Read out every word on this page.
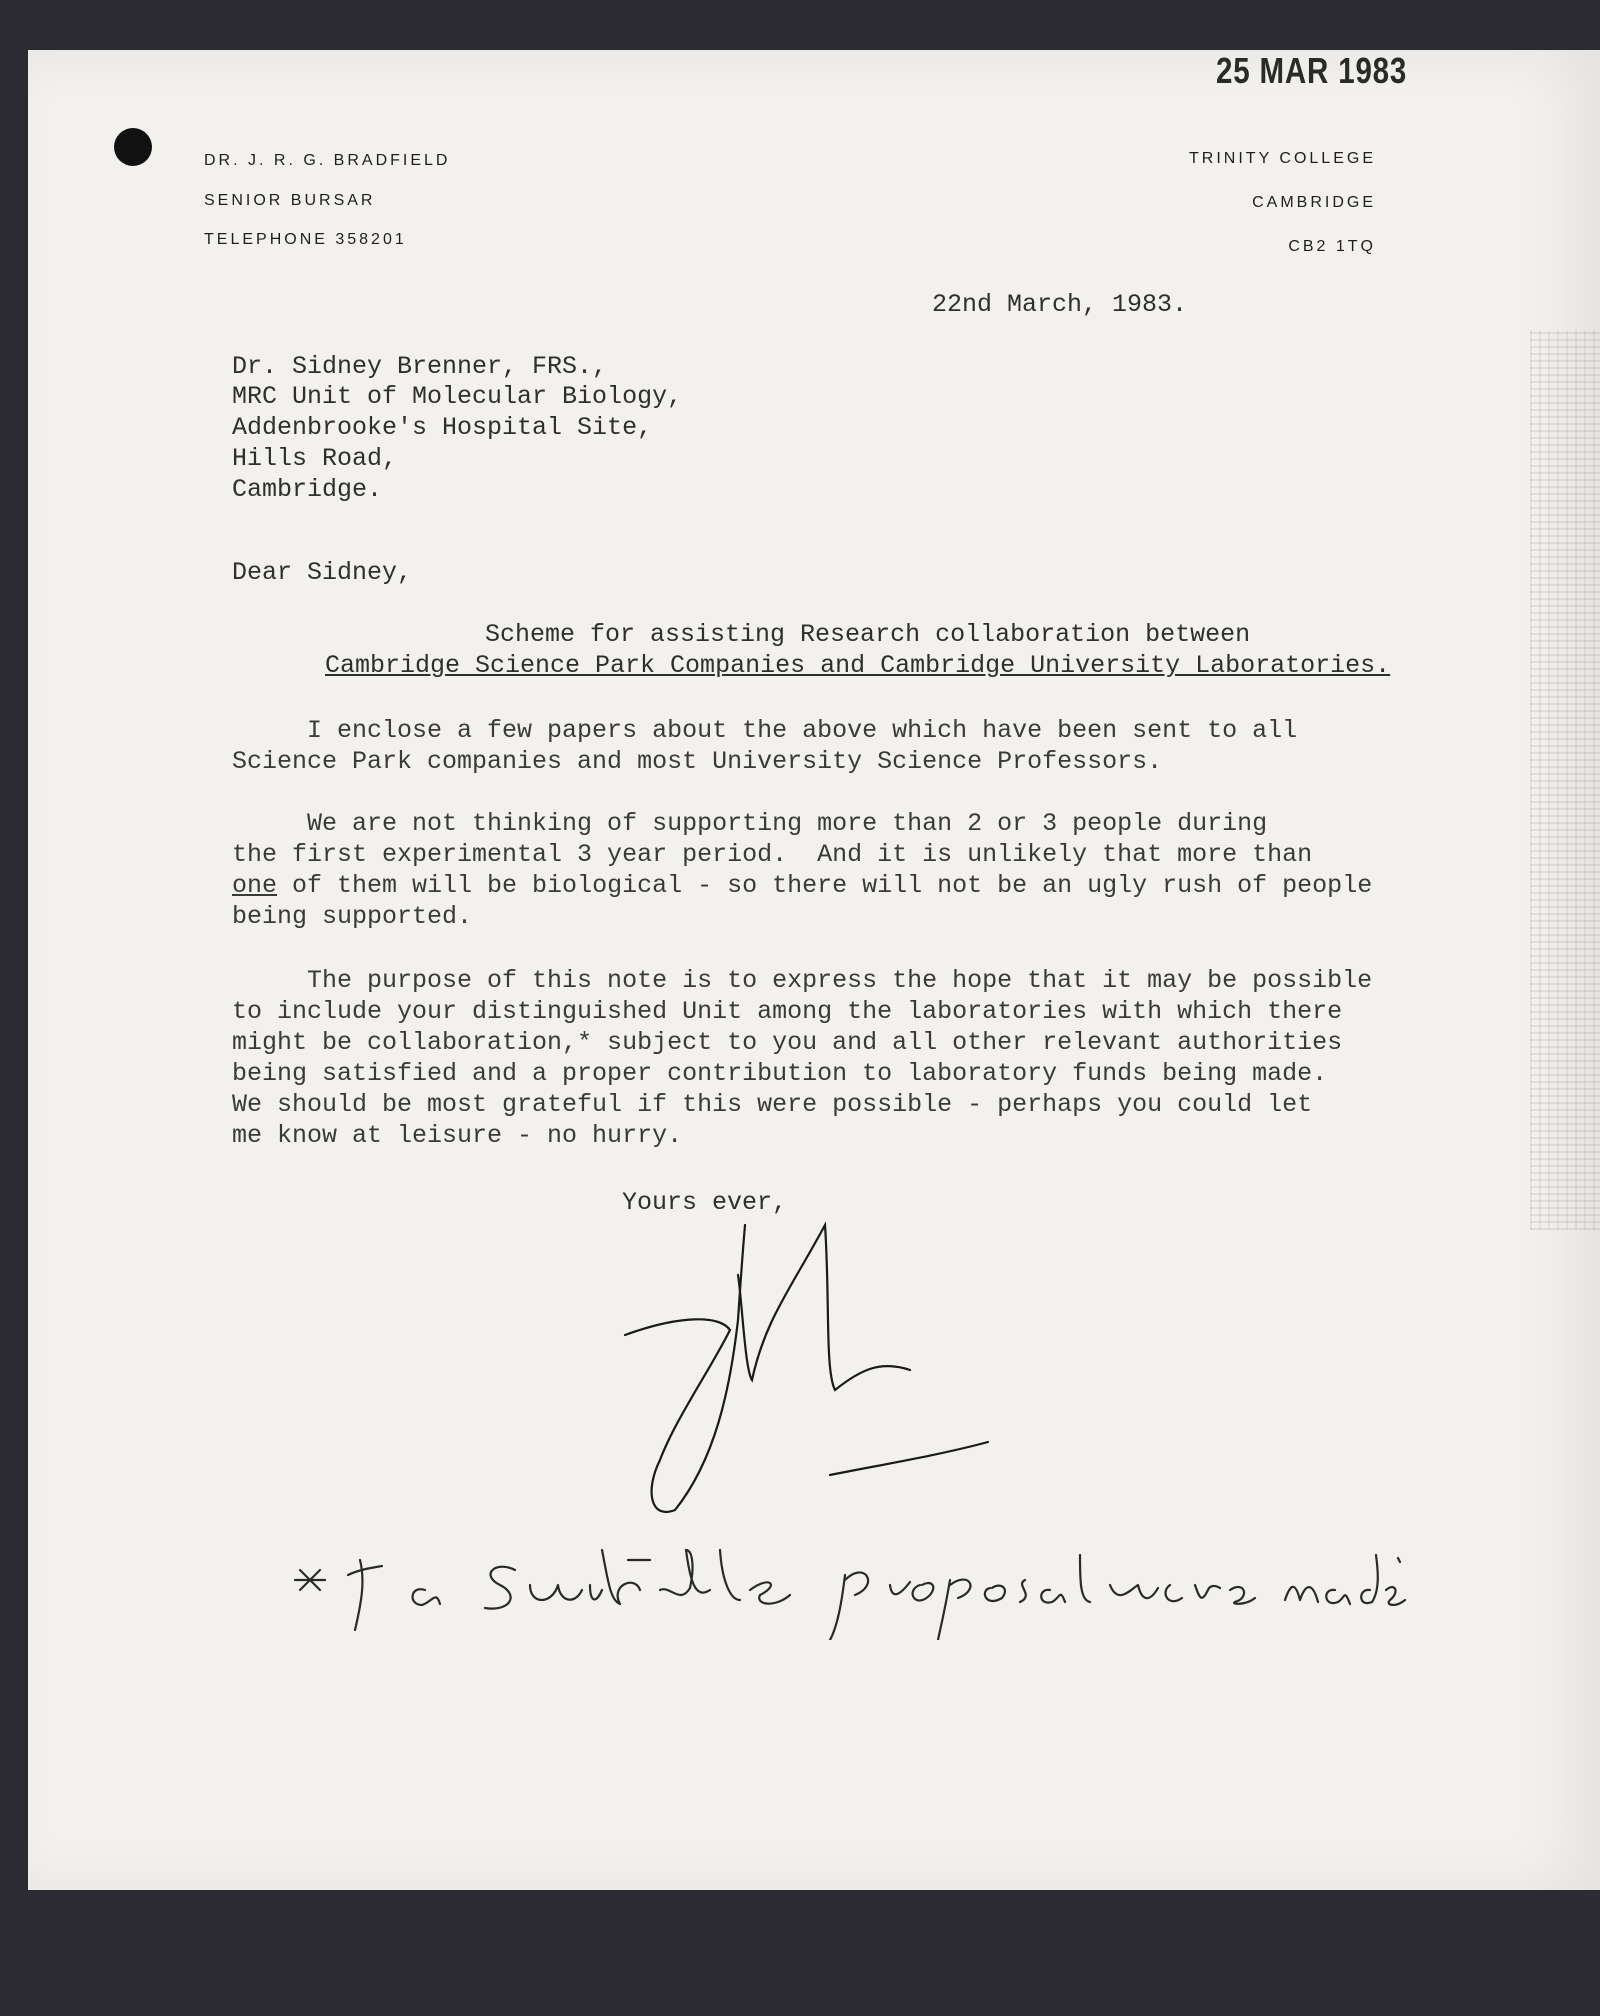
25 MAR 1983
DR. J. R. G. BRADFIELD
SENIOR BURSAR
TELEPHONE 358201
TRINITY COLLEGE
CAMBRIDGE
CB2 1TQ
22nd March, 1983.
Dr. Sidney Brenner, FRS.,
MRC Unit of Molecular Biology,
Addenbrooke's Hospital Site,
Hills Road,
Cambridge.
Dear Sidney,
Scheme for assisting Research collaboration between
Cambridge Science Park Companies and Cambridge University Laboratories.
I enclose a few papers about the above which have been sent to all
Science Park companies and most University Science Professors.
We are not thinking of supporting more than 2 or 3 people during
the first experimental 3 year period.  And it is unlikely that more than
one of them will be biological - so there will not be an ugly rush of people
being supported.
The purpose of this note is to express the hope that it may be possible
to include your distinguished Unit among the laboratories with which there
might be collaboration,* subject to you and all other relevant authorities
being satisfied and a proper contribution to laboratory funds being made.
We should be most grateful if this were possible - perhaps you could let
me know at leisure - no hurry.
Yours ever,
